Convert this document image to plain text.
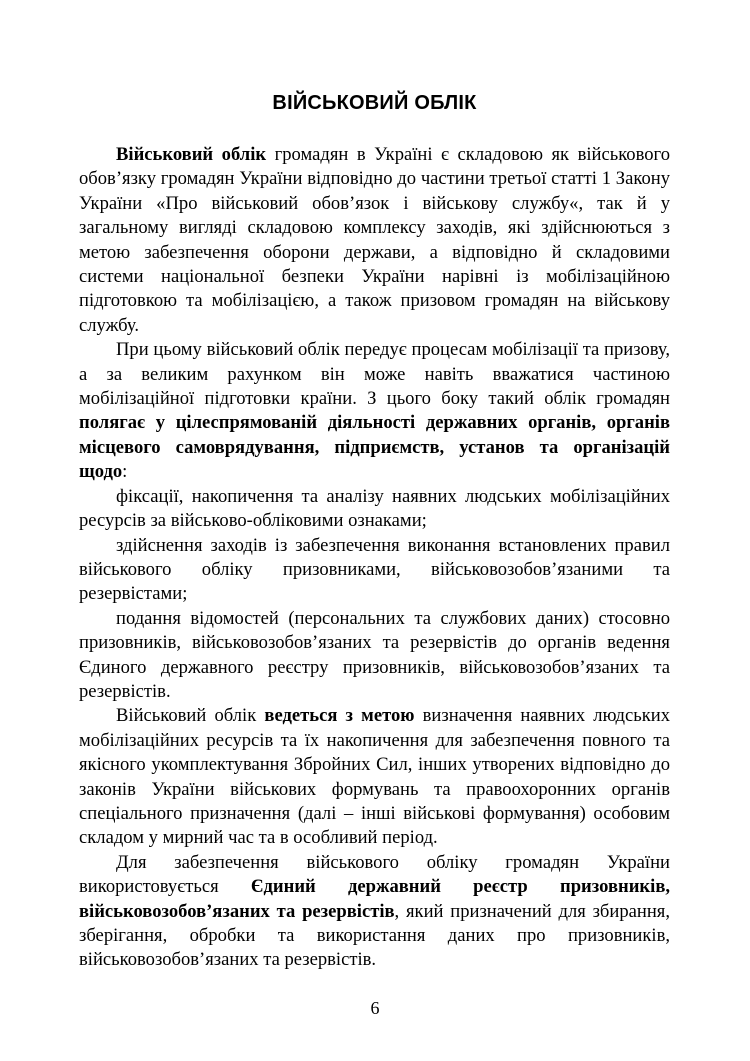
ВІЙСЬКОВИЙ ОБЛІК

Військовий облік громадян в Україні є складовою як військового обов’язку громадян України відповідно до частини третьої статті 1 Закону України «Про військовий обов’язок і військову службу«, так й у загальному вигляді складовою комплексу заходів, які здійснюються з метою забезпечення оборони держави, а відповідно й складовими системи національної безпеки України нарівні із мобілізаційною підготовкою та мобілізацією, а також призовом громадян на військову службу.

При цьому військовий облік передує процесам мобілізації та призову, а за великим рахунком він може навіть вважатися частиною мобілізаційної підготовки країни. З цього боку такий облік громадян полягає у цілеспрямованій діяльності державних органів, органів місцевого самоврядування, підприємств, установ та організацій щодо:

фіксації, накопичення та аналізу наявних людських мобілізаційних ресурсів за військово-обліковими ознаками;

здійснення заходів із забезпечення виконання встановлених правил військового обліку призовниками, військовозобов’язаними та резервістами;

подання відомостей (персональних та службових даних) стосовно призовників, військовозобов’язаних та резервістів до органів ведення Єдиного державного реєстру призовників, військовозобов’язаних та резервістів.

Військовий облік ведеться з метою визначення наявних людських мобілізаційних ресурсів та їх накопичення для забезпечення повного та якісного укомплектування Збройних Сил, інших утворених відповідно до законів України військових формувань та правоохоронних органів спеціального призначення (далі – інші військові формування) особовим складом у мирний час та в особливий період.

Для забезпечення військового обліку громадян України використовується Єдиний державний реєстр призовників, військовозобов’язаних та резервістів, який призначений для збирання, зберігання, обробки та використання даних про призовників, військовозобов’язаних та резервістів.

6
